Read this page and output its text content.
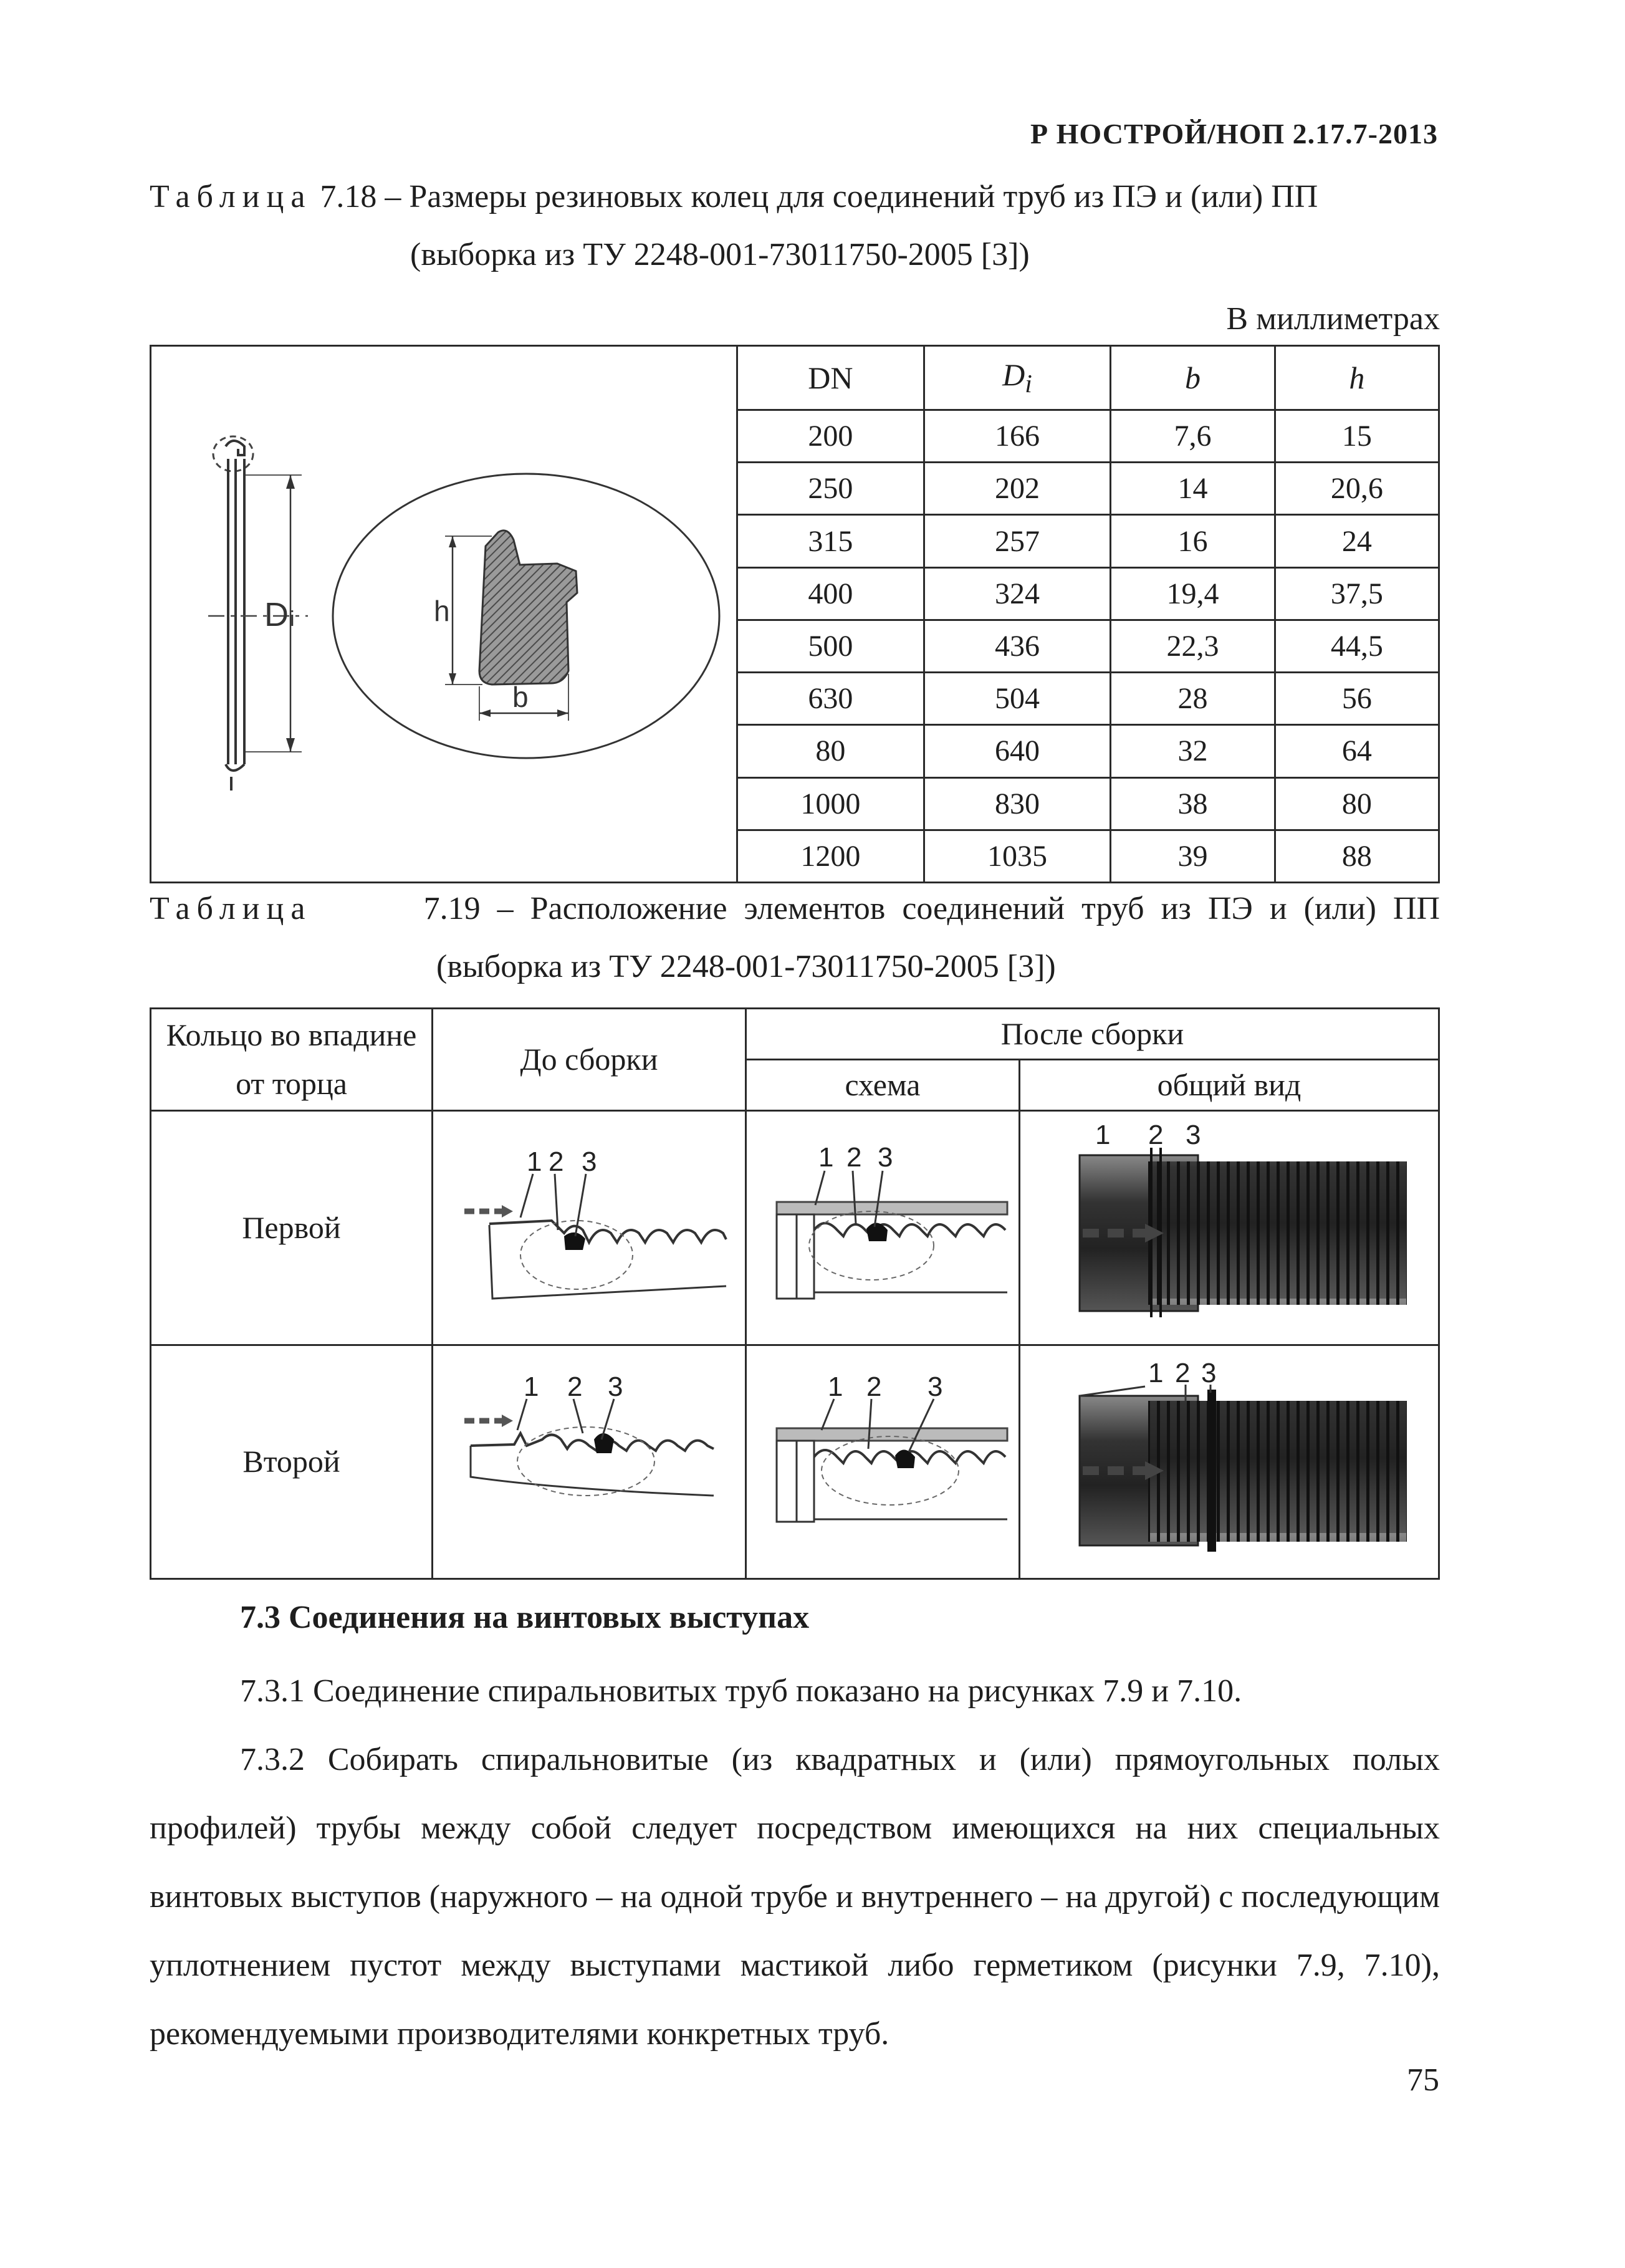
Р НОСТРОЙ/НОП 2.17.7-2013
Таблица 7.18 – Размеры резиновых колец для соединений труб из ПЭ и (или) ПП
(выборка из ТУ 2248-001-73011750-2005 [3])
В миллиметрах
Di h
b	DN	$D_i$	b	h
	200	166	7,6	15
	250	202	14	20,6
	315	257	16	24
	400	324	19,4	37,5
	500	436	22,3	44,5
	630	504	28	56
	80	640	32	64
	1000	830	38	80
	1200	1035	39	88
Таблица	7.19 – Расположение элементов соединений труб из ПЭ и (или) ПП
(выборка из ТУ 2248-001-73011750-2005 [3])
Кольцо во впадине от торца	До сборки	После сборки	
		схема	общий вид
Первой	1 2 3	1 2 3	1 2 3

Второй	1 2 3	1 2 3	1 2 3
7.3 Соединения на винтовых выступах
7.3.1 Соединение спиральновитых труб показано на рисунках 7.9 и 7.10.
7.3.2 Собирать спиральновитые (из квадратных и (или) прямоугольных полых профилей) трубы между собой следует посредством имеющихся на них специальных винтовых выступов (наружного – на одной трубе и внутреннего – на другой) с последующим уплотнением пустот между выступами мастикой либо герметиком (рисунки 7.9, 7.10), рекомендуемыми производителями конкретных труб.
75
